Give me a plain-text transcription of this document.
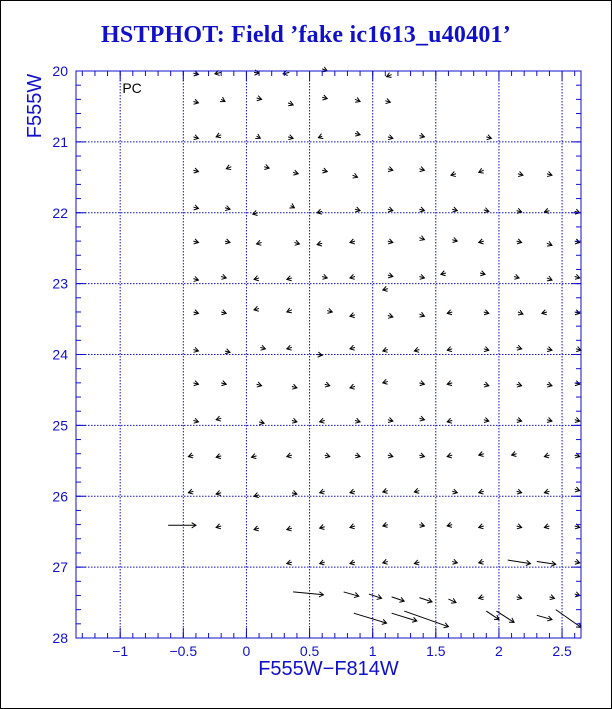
HSTPHOT: Field ’fake ic1613_u40401’
−1	−0.5	0	0.5	1	1.5	2	2.5
20
21
22
23
24
25
26
27
28
PC
F555W−F814W
F555W
